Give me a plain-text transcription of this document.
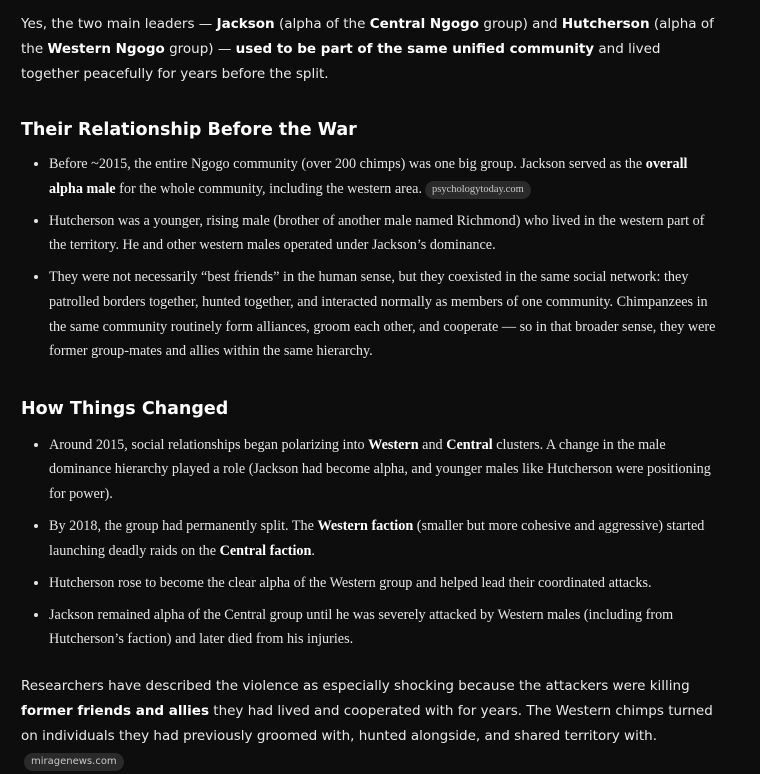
Yes, the two main leaders — Jackson (alpha of the Central Ngogo group) and Hutcherson (alpha of the Western Ngogo group) — used to be part of the same unified community and lived together peacefully for years before the split.

Their Relationship Before the War
• Before ~2015, the entire Ngogo community (over 200 chimps) was one big group. Jackson served as the overall alpha male for the whole community, including the western area. psychologytoday.com
• Hutcherson was a younger, rising male (brother of another male named Richmond) who lived in the western part of the territory. He and other western males operated under Jackson’s dominance.
• They were not necessarily “best friends” in the human sense, but they coexisted in the same social network: they patrolled borders together, hunted together, and interacted normally as members of one community. Chimpanzees in the same community routinely form alliances, groom each other, and cooperate — so in that broader sense, they were former group-mates and allies within the same hierarchy.
How Things Changed
• Around 2015, social relationships began polarizing into Western and Central clusters. A change in the male dominance hierarchy played a role (Jackson had become alpha, and younger males like Hutcherson were positioning for power).
• By 2018, the group had permanently split. The Western faction (smaller but more cohesive and aggressive) started launching deadly raids on the Central faction.
• Hutcherson rose to become the clear alpha of the Western group and helped lead their coordinated attacks.
• Jackson remained alpha of the Central group until he was severely attacked by Western males (including from Hutcherson’s faction) and later died from his injuries.

Researchers have described the violence as especially shocking because the attackers were killing former friends and allies they had lived and cooperated with for years. The Western chimps turned on individuals they had previously groomed with, hunted alongside, and shared territory with.miragenews.com
